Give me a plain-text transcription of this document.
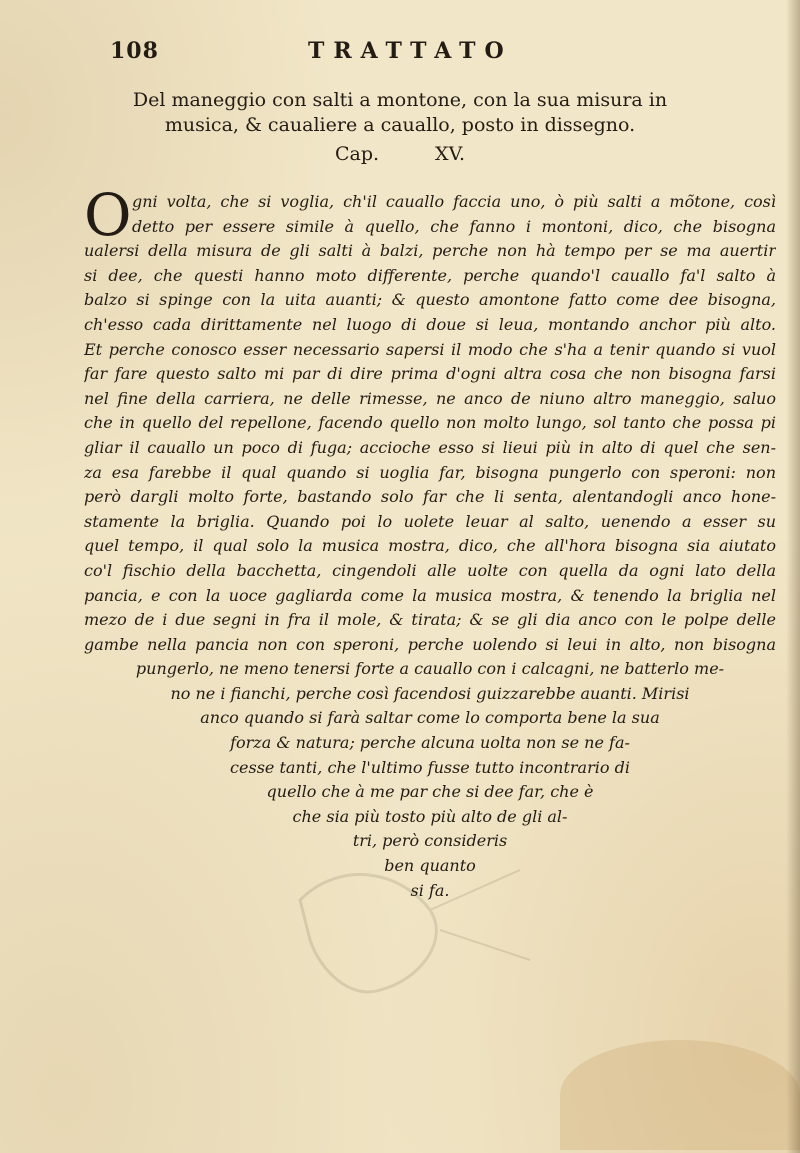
108	TRATTATO
Del maneggio con salti a montone, con la sua misura in
musica, & caualiere a cauallo, posto in dissegno.
Cap. XV.
O gni volta, che si voglia, ch'il cauallo faccia uno, ò più salti a mõtone, così
detto per essere simile à quello, che fanno i montoni, dico, che bisogna
ualersi della misura de gli salti à balzi, perche non hà tempo per se ma auertir
si dee, che questi hanno moto differente, perche quando'l cauallo fa'l salto à
balzo si spinge con la uita auanti; & questo amontone fatto come dee bisogna,
ch'esso cada dirittamente nel luogo di doue si leua, montando anchor più alto.
Et perche conosco esser necessario sapersi il modo che s'ha a tenir quando si vuol
far fare questo salto mi par di dire prima d'ogni altra cosa che non bisogna farsi
nel fine della carriera, ne delle rimesse, ne anco de niuno altro maneggio, saluo
che in quello del repellone, facendo quello non molto lungo, sol tanto che possa pi
gliar il cauallo un poco di fuga; accioche esso si lieui più in alto di quel che sen-
za esa farebbe il qual quando si uoglia far, bisogna pungerlo con speroni: non
però dargli molto forte, bastando solo far che li senta, alentandogli anco hone-
stamente la briglia. Quando poi lo uolete leuar al salto, uenendo a esser su
quel tempo, il qual solo la musica mostra, dico, che all'hora bisogna sia aiutato
co'l fischio della bacchetta, cingendoli alle uolte con quella da ogni lato della
pancia, e con la uoce gagliarda come la musica mostra, & tenendo la briglia nel
mezo de i due segni in fra il mole, & tirata; & se gli dia anco con le polpe delle
gambe nella pancia non con speroni, perche uolendo si leui in alto, non bisogna
pungerlo, ne meno tenersi forte a cauallo con i calcagni, ne batterlo me-
no ne i fianchi, perche così facendosi guizzarebbe auanti. Mirisi
anco quando si farà saltar come lo comporta bene la sua
forza & natura; perche alcuna uolta non se ne fa-
cesse tanti, che l'ultimo fusse tutto incontrario di
quello che à me par che si dee far, che è
che sia più tosto più alto de gli al-
tri, però consideris
ben quanto
si fa.
